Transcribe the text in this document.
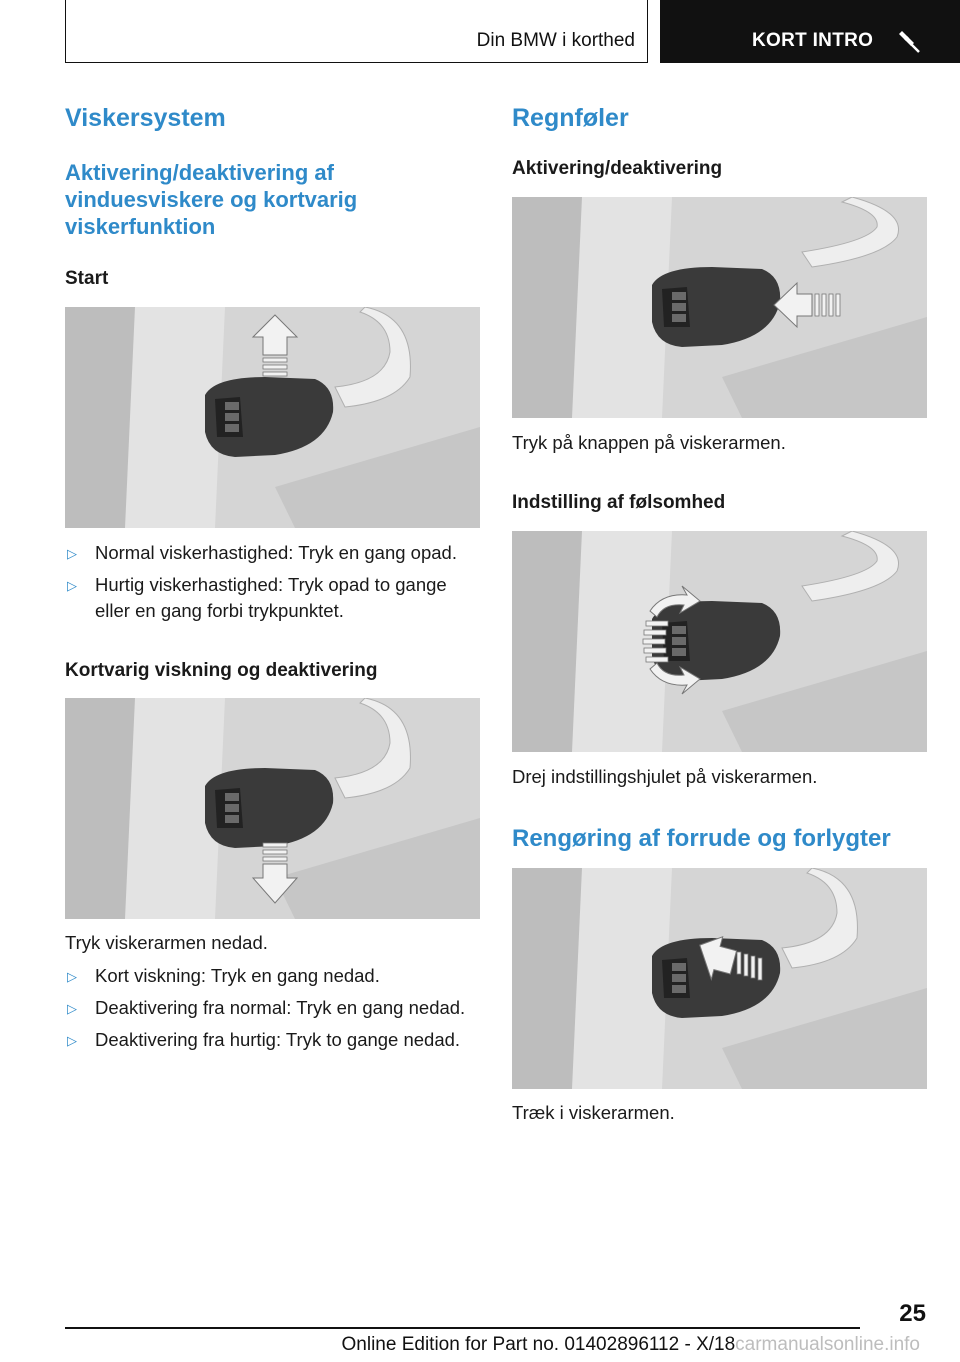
Din BMW i korthed	KORT INTRO
Viskersystem
Aktivering/deaktivering af
vinduesviskere og kortvarig
viskerfunktion
Start
▷ Normal viskerhastighed: Tryk en gang opad.
▷ Hurtig viskerhastighed: Tryk opad to gange
eller en gang forbi trykpunktet.
Kortvarig viskning og deaktivering
Tryk viskerarmen nedad.
▷ Kort viskning: Tryk en gang nedad.
▷ Deaktivering fra normal: Tryk en gang nedad.
▷ Deaktivering fra hurtig: Tryk to gange nedad.
Regnføler
Aktivering/deaktivering
Tryk på knappen på viskerarmen.
Indstilling af følsomhed
Drej indstillingshjulet på viskerarmen.
Rengøring af forrude og forlygter
Træk i viskerarmen.
25
Online Edition for Part no. 01402896112 - X/18carmanualsonline.info
